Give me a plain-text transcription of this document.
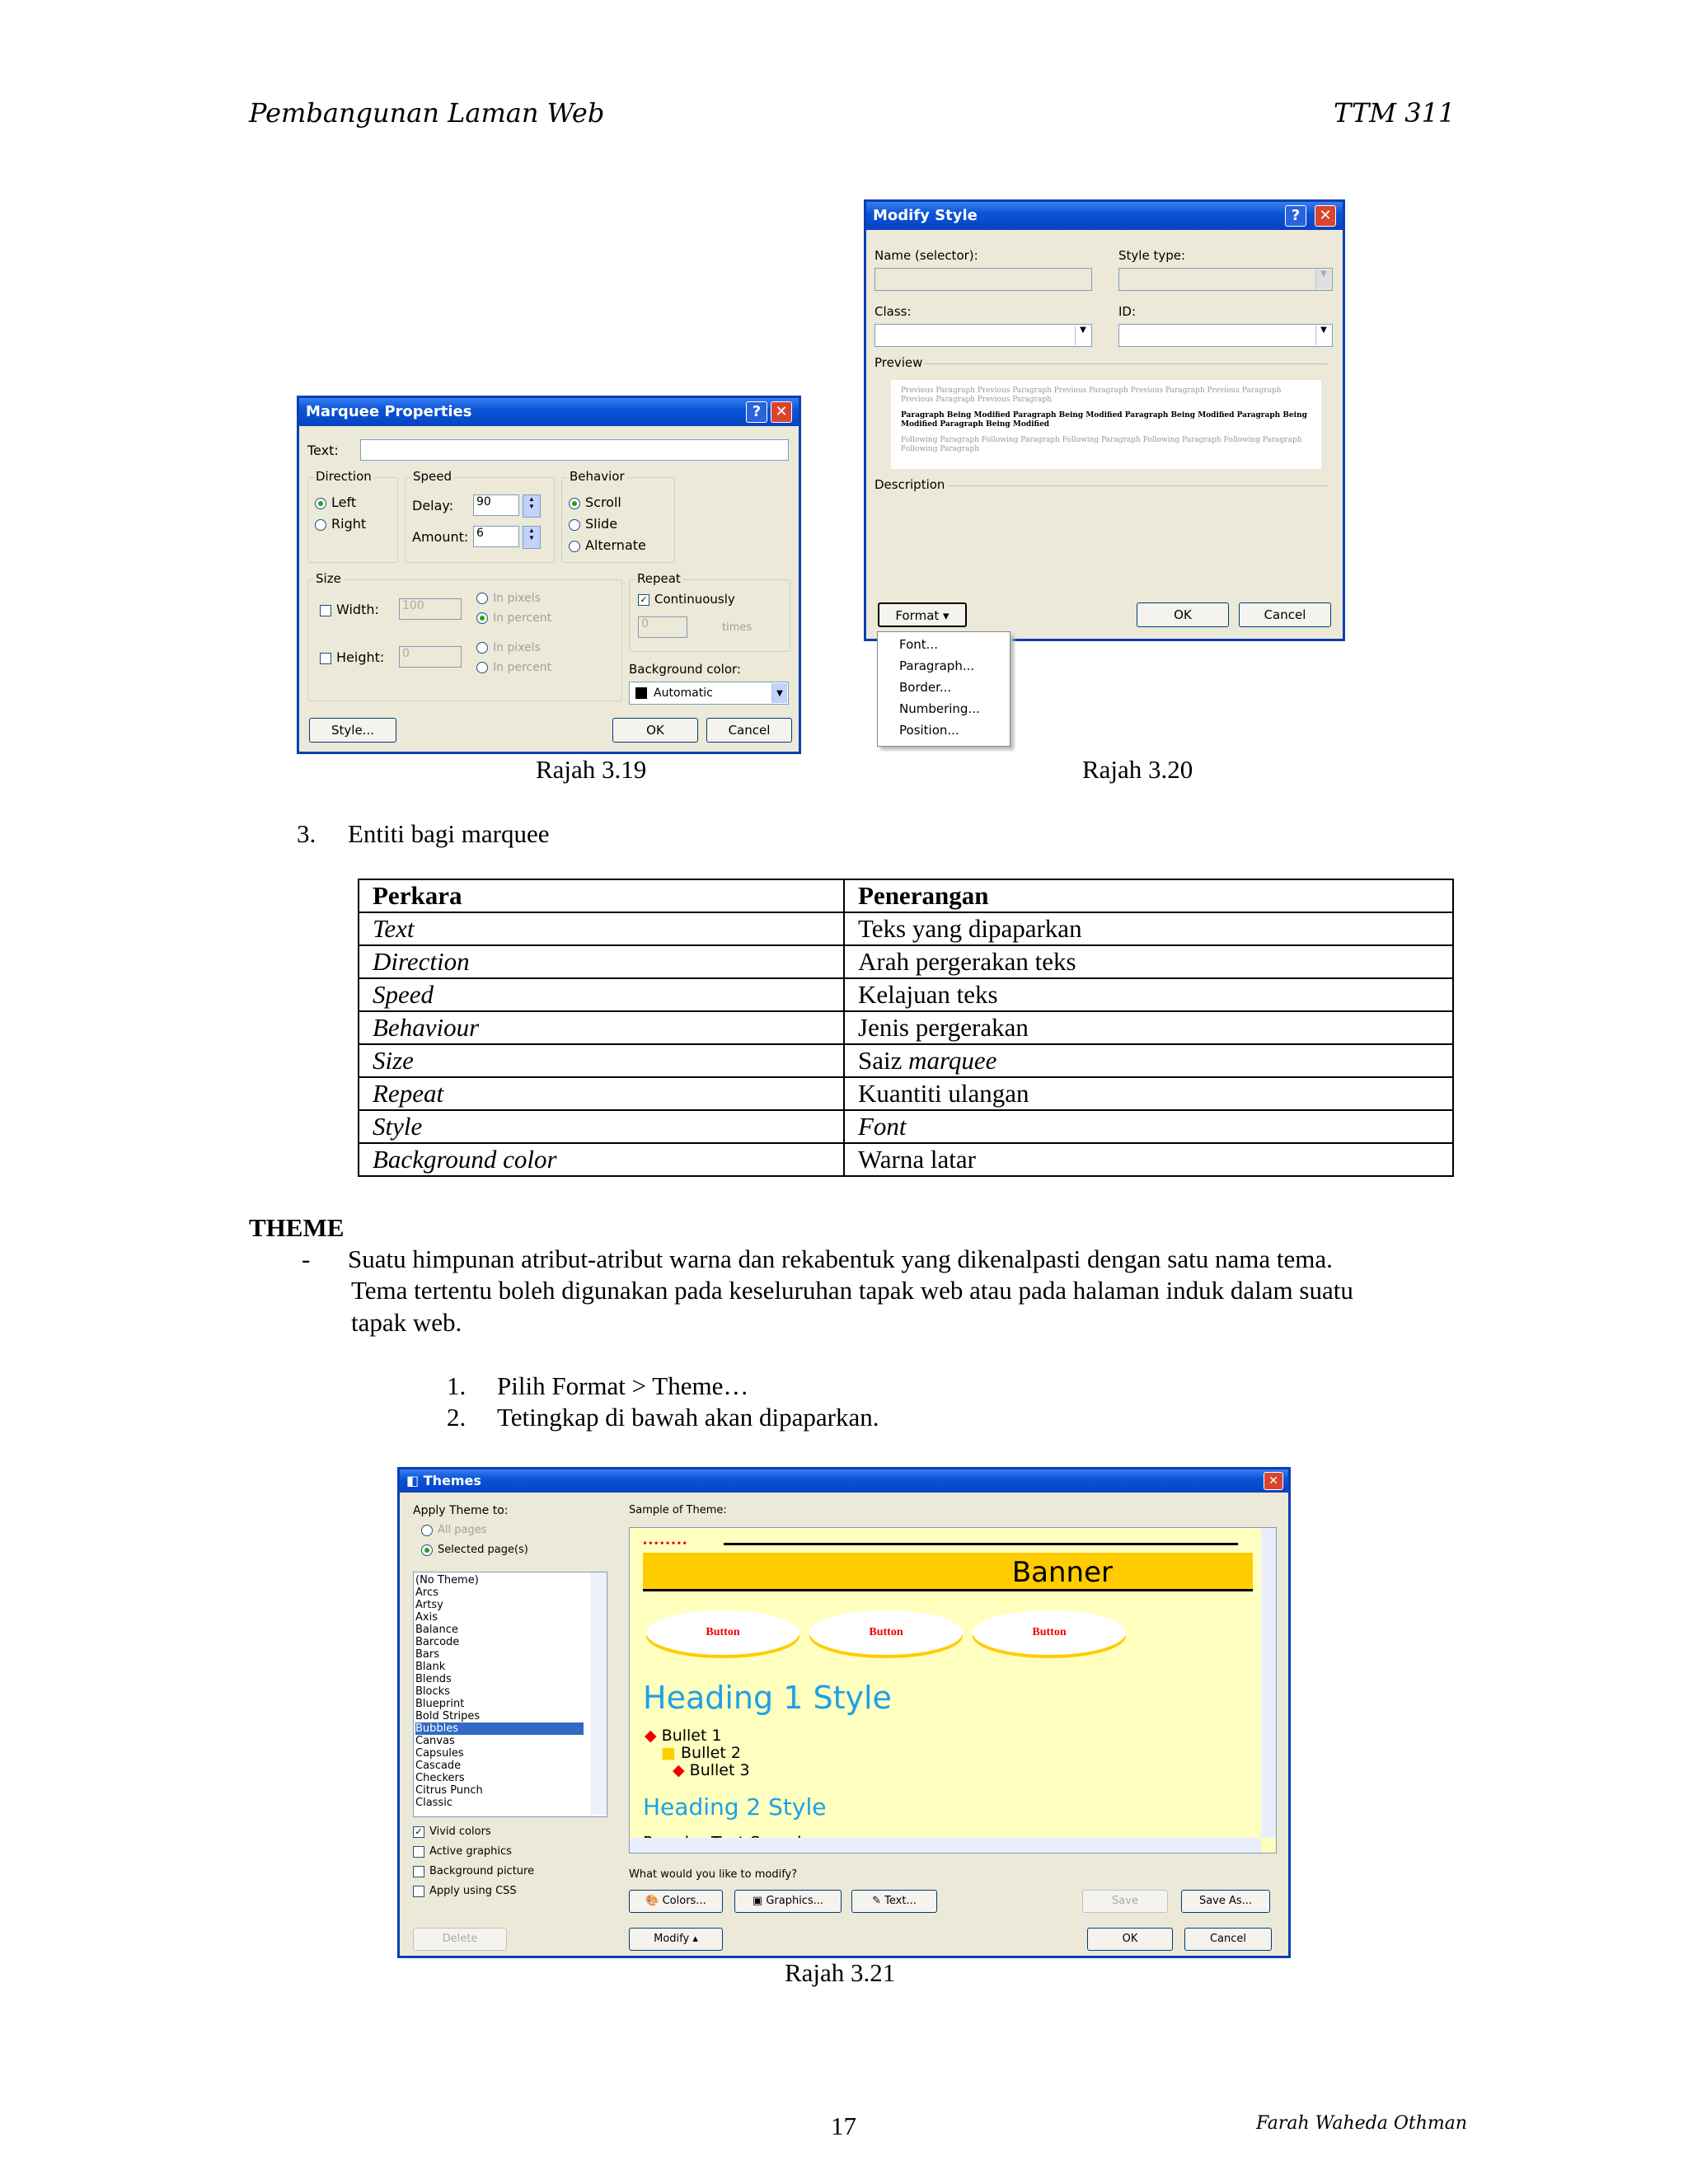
Pembangunan Laman Web	TTM 311
Marquee Properties	? ✕
Text:
Direction
Left
Right
Speed
Delay: 90	▲
▼
Amount: 6	▲
▼
Behavior
Scroll
Slide
Alternate
Size
Width: 100
In pixels
In percent
Height: 0	In pixels
In percent
Repeat
✓ Continuously
0	times
Background color:
Automatic	▼
Style...	OK	Cancel
Modify Style	?	✕
Name (selector):	Style type:
▼
Class:
▼
ID:
▼
Preview
Previous Paragraph Previous Paragraph Previous Paragraph Previous Paragraph Previous Paragraph Previous Paragraph Previous Paragraph
Paragraph Being Modified Paragraph Being Modified Paragraph Being Modified Paragraph Being Modified Paragraph Being Modified
Following Paragraph Following Paragraph Following Paragraph Following Paragraph Following Paragraph Following Paragraph
Description
Format ▾	OK	Cancel
Font...
Paragraph...
Border...
Numbering...
Position...
Rajah 3.19	Rajah 3.20
3. Entiti bagi marquee
Perkara	Penerangan
Text	Teks yang dipaparkan
Direction	Arah pergerakan teks
Speed	Kelajuan teks
Behaviour	Jenis pergerakan
Size	Saiz marquee
Repeat	Kuantiti ulangan
Style	Font
Background color	Warna latar
THEME
- Suatu himpunan atribut-atribut warna dan rekabentuk yang dikenalpasti dengan satu nama tema.
Tema tertentu boleh digunakan pada keseluruhan tapak web atau pada halaman induk dalam suatu
tapak web.
1. Pilih Format > Theme…
2. Tetingkap di bawah akan dipaparkan.
◧ Themes	✕
Apply Theme to:
All pages
Selected page(s)
(No Theme)
Arcs
Artsy
Axis
Balance
Barcode
Bars
Blank
Blends
Blocks
Blueprint
Bold Stripes
Bubbles
Canvas
Capsules
Cascade
Checkers
Citrus Punch
Classic
✓ Vivid colors
Active graphics
Background picture
Apply using CSS
Sample of Theme:
••••••••
Banner
Button	Button	Button
Heading 1 Style
◆ Bullet 1
■ Bullet 2
◆ Bullet 3
Heading 2 Style
What would you like to modify?
🎨 Colors...	▣ Graphics...	✎ Text...	Save	Save As...
Delete	Modify ▴	OK	Cancel
Rajah 3.21
17	Farah Waheda Othman
